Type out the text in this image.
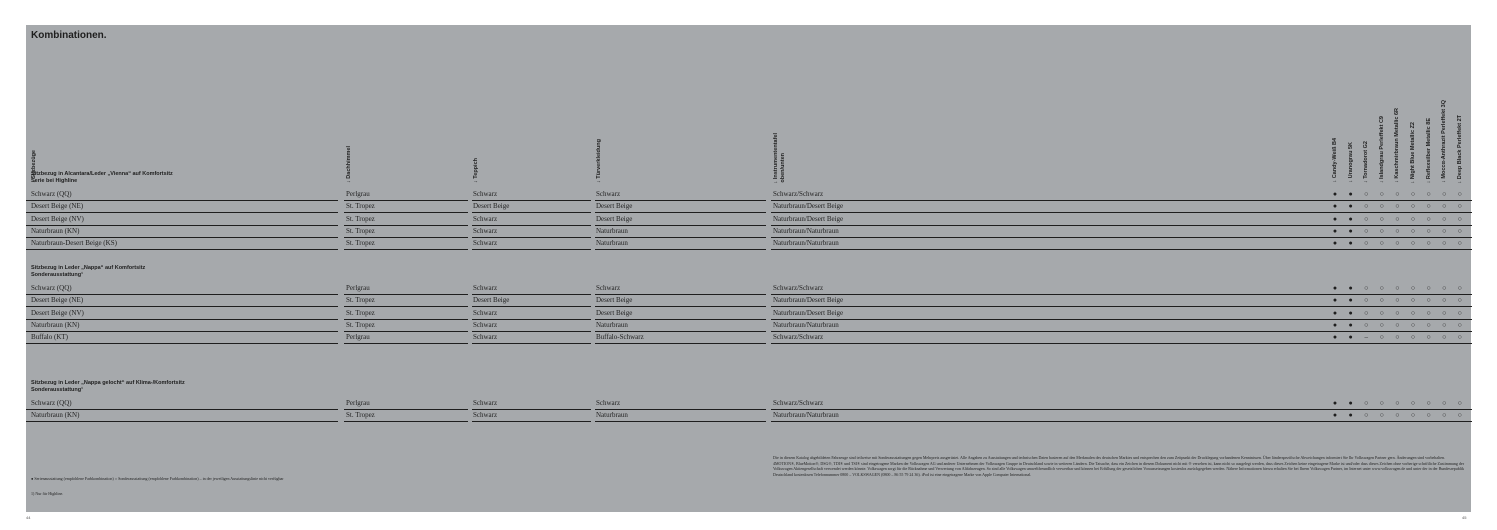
Kombinationen.
↓ Sitzbezüge	↓ Dachhimmel	↓ Teppich	↓ Türverkleidung	↓ Instrumententafel oben/unten	↓ Candy-Weiß B4 ↓ Uranograu 5K ↓ Tornadorot G2 ↓ Islandgrau Perleffekt C9 ↓ Kaschmirbraun Metallic 6R ↓ Night Blue Metallic Z2 ↓ Reflexsilber Metallic 8E ↓ Moccα-Anthrazit Perleffekt 3Q ↓ Deep Black Perleffekt 2T
Sitzbezug in Alcantara/Leder „Vienna“ auf Komfortsitz
Serie bei Highline
Schwarz (QQ)	Perlgrau	Schwarz	Schwarz	Schwarz/Schwarz	●	●	○	○	○	○	○	○	○
Desert Beige (NE)	St. Tropez	Desert Beige	Desert Beige	Naturbraun/Desert Beige	●	●	○	○	○	○	○	○	○
Desert Beige (NV)	St. Tropez	Schwarz	Desert Beige	Naturbraun/Desert Beige	●	●	○	○	○	○	○	○	○
Naturbraun (KN)	St. Tropez	Schwarz	Naturbraun	Naturbraun/Naturbraun	●	●	○	○	○	○	○	○	○
Naturbraun-Desert Beige (KS)	St. Tropez	Schwarz	Naturbraun	Naturbraun/Naturbraun	●	●	○	○	○	○	○	○	○
Sitzbezug in Leder „Nappa“ auf Komfortsitz
Sonderausstattung¹
Schwarz (QQ)	Perlgrau	Schwarz	Schwarz	Schwarz/Schwarz	●	●	○	○	○	○	○	○	○
Desert Beige (NE)	St. Tropez	Desert Beige	Desert Beige	Naturbraun/Desert Beige	●	●	○	○	○	○	○	○	○
Desert Beige (NV)	St. Tropez	Schwarz	Desert Beige	Naturbraun/Desert Beige	●	●	○	○	○	○	○	○	○
Naturbraun (KN)	St. Tropez	Schwarz	Naturbraun	Naturbraun/Naturbraun	●	●	○	○	○	○	○	○	○
Buffalo (KT)	Perlgrau	Schwarz	Buffalo-Schwarz	Schwarz/Schwarz	●	●	–	○	○	○	○	○	○
Sitzbezug in Leder „Nappa gelocht“ auf Klima-/Komfortsitz
Sonderausstattung¹
Schwarz (QQ)	Perlgrau	Schwarz	Schwarz	Schwarz/Schwarz	●	●	○	○	○	○	○	○	○
Naturbraun (KN)	St. Tropez	Schwarz	Naturbraun	Naturbraun/Naturbraun	●	●	○	○	○	○	○	○	○
● Serienausstattung (empfohlene Farbkombination) ○ Sonderausstattung (empfohlene Farbkombination) – in der jeweiligen Ausstattungslinie nicht verfügbar
1) Nur für Highline.
Die in diesem Katalog abgebildeten Fahrzeuge sind teilweise mit Sonderausstattungen gegen Mehrpreis ausgerüstet. Alle Angaben zu Ausstattungen und technischen Daten basieren auf den Merkmalen des deutschen Marktes und entsprechen den zum Zeitpunkt der Drucklegung vorhandenen Kenntnissen. Über länderspezifische Abweichungen informiert Sie Ihr Volkswagen Partner gern. Änderungen sind vorbehalten. 4MOTION®, BlueMotion®, DSG®, TDI® und TSI® sind eingetragene Marken der Volkswagen AG und anderer Unternehmen der Volkswagen Gruppe in Deutschland sowie in weiteren Ländern. Die Tatsache, dass ein Zeichen in diesem Dokument nicht mit ® versehen ist, kann nicht so ausgelegt werden, dass dieses Zeichen keine eingetragene Marke ist und/oder dass dieses Zeichen ohne vorherige schriftliche Zustimmung der Volkswagen Aktiengesellschaft verwendet werden könnte. Volkswagen sorgt für die Rücknahme und Verwertung von Altfahrzeugen. So sind alle Volkswagen umweltfreundlich verwertbar und können bei Erfüllung der gesetzlichen Voraussetzungen kostenlos zurückgegeben werden. Nähere Informationen hierzu erhalten Sie bei Ihrem Volkswagen Partner, im Internet unter www.volkswagen.de und unter der in der Bundesrepublik Deutschland kostenlosen Telefonnummer 0800 – VOLKSWAGEN (0800 – 86 55 79 24 36). iPod ist eine eingetragene Marke von Apple Computer International.
44	45
